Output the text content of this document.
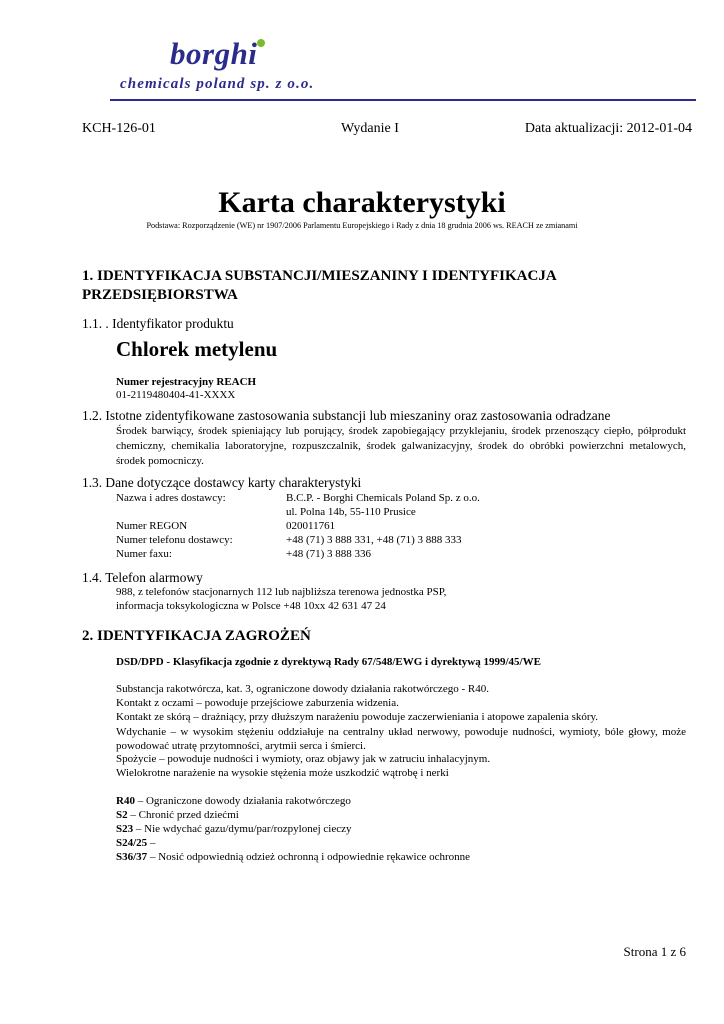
borghi
chemicals poland sp. z o.o.
KCH-126-01	Wydanie I	Data aktualizacji: 2012-01-04
Karta charakterystyki
Podstawa: Rozporządzenie (WE) nr 1907/2006 Parlamentu Europejskiego i Rady z dnia 18 grudnia 2006 ws. REACH ze zmianami
1. IDENTYFIKACJA SUBSTANCJI/MIESZANINY I IDENTYFIKACJA PRZEDSIĘBIORSTWA
1.1. . Identyfikator produktu
Chlorek metylenu
Numer rejestracyjny REACH
01-2119480404-41-XXXX
1.2. Istotne zidentyfikowane zastosowania substancji lub mieszaniny oraz zastosowania odradzane
Środek barwiący, środek spieniający lub porujący, środek zapobiegający przyklejaniu, środek przenoszący ciepło, półprodukt chemiczny, chemikalia laboratoryjne, rozpuszczalnik, środek galwanizacyjny, środek do obróbki powierzchni metalowych, środek pomocniczy.
1.3. Dane dotyczące dostawcy karty charakterystyki
Nazwa i adres dostawcy:	B.C.P. - Borghi Chemicals Poland Sp. z o.o.
ul. Polna 14b, 55-110 Prusice
Numer REGON	020011761
Numer telefonu dostawcy:	+48 (71) 3 888 331, +48 (71) 3 888 333
Numer faxu:	+48 (71) 3 888 336
1.4. Telefon alarmowy
988, z telefonów stacjonarnych 112 lub najbliższa terenowa jednostka PSP,
informacja toksykologiczna w Polsce +48 10xx 42 631 47 24
2. IDENTYFIKACJA ZAGROŻEŃ
DSD/DPD - Klasyfikacja zgodnie z dyrektywą Rady 67/548/EWG i dyrektywą 1999/45/WE
Substancja rakotwórcza, kat. 3, ograniczone dowody działania rakotwórczego - R40.
Kontakt z oczami – powoduje przejściowe zaburzenia widzenia.
Kontakt ze skórą – drażniący, przy dłuższym narażeniu powoduje zaczerwieniania i atopowe zapalenia skóry.
Wdychanie – w wysokim stężeniu oddziałuje na centralny układ nerwowy, powoduje nudności, wymioty, bóle głowy, może powodować utratę przytomności, arytmii serca i śmierci.
Spożycie – powoduje nudności i wymioty, oraz objawy jak w zatruciu inhalacyjnym.
Wielokrotne narażenie na wysokie stężenia może uszkodzić wątrobę i nerki
R40 – Ograniczone dowody działania rakotwórczego
S2 – Chronić przed dziećmi
S23 – Nie wdychać gazu/dymu/par/rozpylonej cieczy
S24/25 –
S36/37 – Nosić odpowiednią odzież ochronną i odpowiednie rękawice ochronne
Strona 1 z 6
